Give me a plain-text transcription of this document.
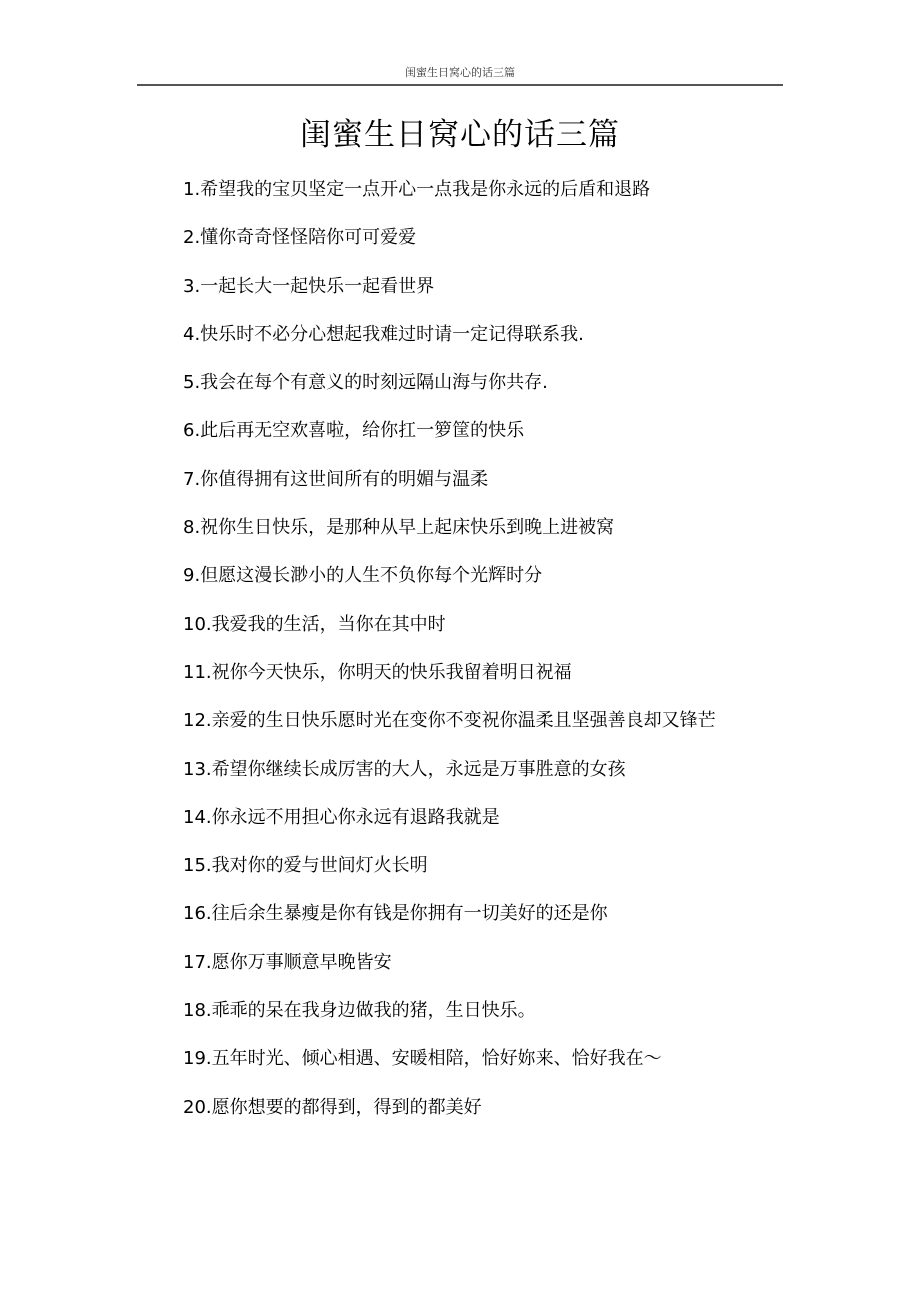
闺蜜生日窝心的话三篇
闺蜜生日窝心的话三篇

1.希望我的宝贝坚定一点开心一点我是你永远的后盾和退路

2.懂你奇奇怪怪陪你可可爱爱

3.一起长大一起快乐一起看世界

4.快乐时不必分心想起我难过时请一定记得联系我.

5.我会在每个有意义的时刻远隔山海与你共存.

6.此后再无空欢喜啦，给你扛一箩筐的快乐

7.你值得拥有这世间所有的明媚与温柔

8.祝你生日快乐，是那种从早上起床快乐到晚上进被窝

9.但愿这漫长渺小的人生不负你每个光辉时分

10.我爱我的生活，当你在其中时

11.祝你今天快乐，你明天的快乐我留着明日祝福

12.亲爱的生日快乐愿时光在变你不变祝你温柔且坚强善良却又锋芒

13.希望你继续长成厉害的大人，永远是万事胜意的女孩

14.你永远不用担心你永远有退路我就是

15.我对你的爱与世间灯火长明

16.往后余生暴瘦是你有钱是你拥有一切美好的还是你

17.愿你万事顺意早晚皆安

18.乖乖的呆在我身边做我的猪，生日快乐。

19.五年时光、倾心相遇、安暖相陪，恰好妳来、恰好我在～

20.愿你想要的都得到，得到的都美好
